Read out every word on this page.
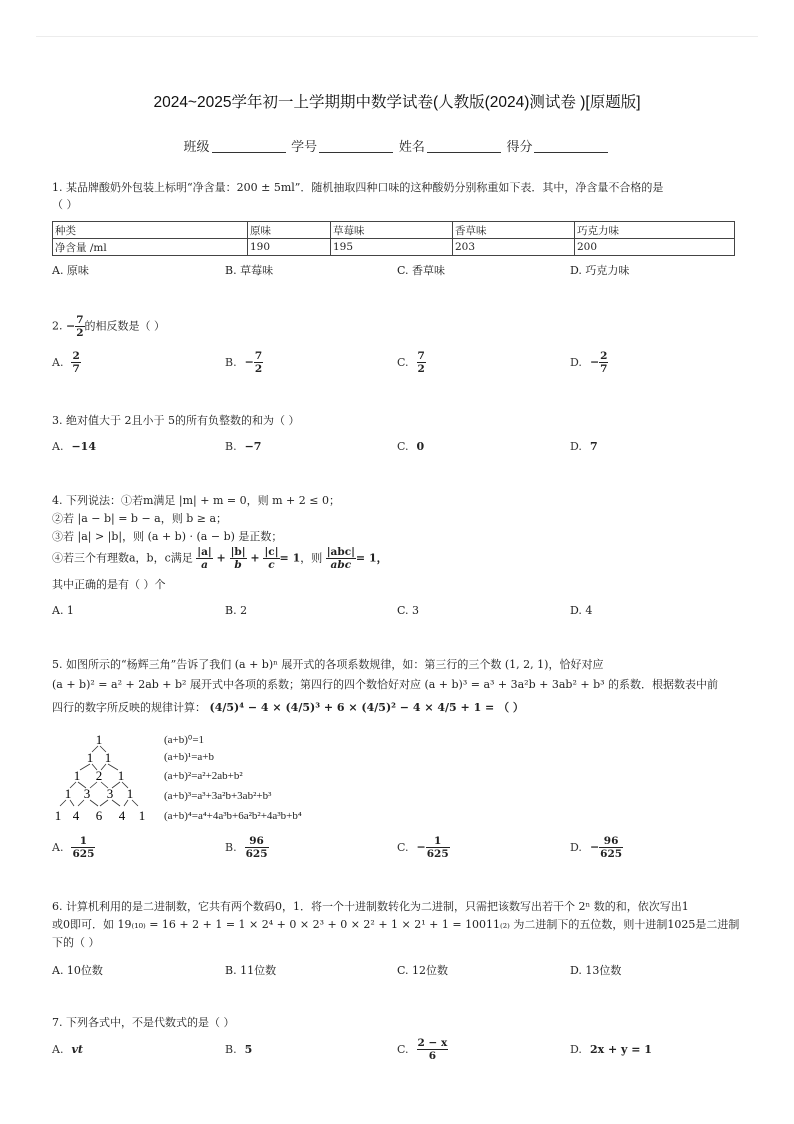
2024~2025学年初一上学期期中数学试卷(人教版(2024)测试卷 )[原题版]
班级	学号	姓名	得分
1. 某品牌酸奶外包装上标明“净含量：200 ± 5ml”．随机抽取四种口味的这种酸奶分别称重如下表．其中，净含量不合格的是
（ ）
种类	原味	草莓味	香草味	巧克力味
净含量 /ml	190	195	203	200
A. 原味	B. 草莓味	C. 香草味	D. 巧克力味
2. − $\frac{7}{2}$ 的相反数是（ ）
A. $\frac{2}{7}$	B. − $\frac{7}{2}$	C. $\frac{7}{2}$	D. − $\frac{2}{7}$
3. 绝对值大于 2且小于 5的所有负整数的和为（ ）
A. −14	B. −7	C. 0	D. 7
4. 下列说法：①若m满足 |m| + m = 0，则 m + 2 ≤ 0；
②若 |a − b| = b − a，则 b ≥ a；
③若 |a| > |b|，则 (a + b) · (a − b) 是正数；
④若三个有理数a，b，c满足 $\frac{|a|}{a} + \frac{|b|}{b} + \frac{|c|}{c} = 1$，则 $\frac{\text{|abc|}}{\text{abc}} = 1$，
其中正确的是有（ ）个
A. 1	B. 2	C. 3	D. 4
5. 如图所示的“杨辉三角”告诉了我们 (a + b)ⁿ 展开式的各项系数规律，如：第三行的三个数 (1, 2, 1)，恰好对应
(a + b)² = a² + 2ab + b² 展开式中各项的系数；第四行的四个数恰好对应 (a + b)³ = a³ + 3a²b + 3ab² + b³ 的系数．根据数表中前
四行的数字所反映的规律计算： (4/5)⁴ − 4 × (4/5)³ + 6 × (4/5)² − 4 × 4/5 + 1 = （ ）
1
1 1
1 2 1
1 3 3 1
1 4 6 4 1
(a+b)⁰=1
(a+b)¹=a+b
(a+b)²=a²+2ab+b²
(a+b)³=a³+3a²b+3ab²+b³
(a+b)⁴=a⁴+4a³b+6a²b²+4a³b+b⁴
A. $\frac{1}{625}$	B. $\frac{96}{625}$	C. − $\frac{1}{625}$	D. − $\frac{96}{625}$
6. 计算机利用的是二进制数，它共有两个数码0，1．将一个十进制数转化为二进制，只需把该数写出若干个 2ⁿ 数的和，依次写出1
或0即可．如 19₍₁₀₎ = 16 + 2 + 1 = 1 × 2⁴ + 0 × 2³ + 0 × 2² + 1 × 2¹ + 1 = 10011₍₂₎ 为二进制下的五位数，则十进制1025是二进制
下的（ ）
A. 10位数	B. 11位数	C. 12位数	D. 13位数
7. 下列各式中，不是代数式的是（ ）
A. vt	B. 5	C. $\frac{2 - x}{6}$	D. 2x + y = 1
